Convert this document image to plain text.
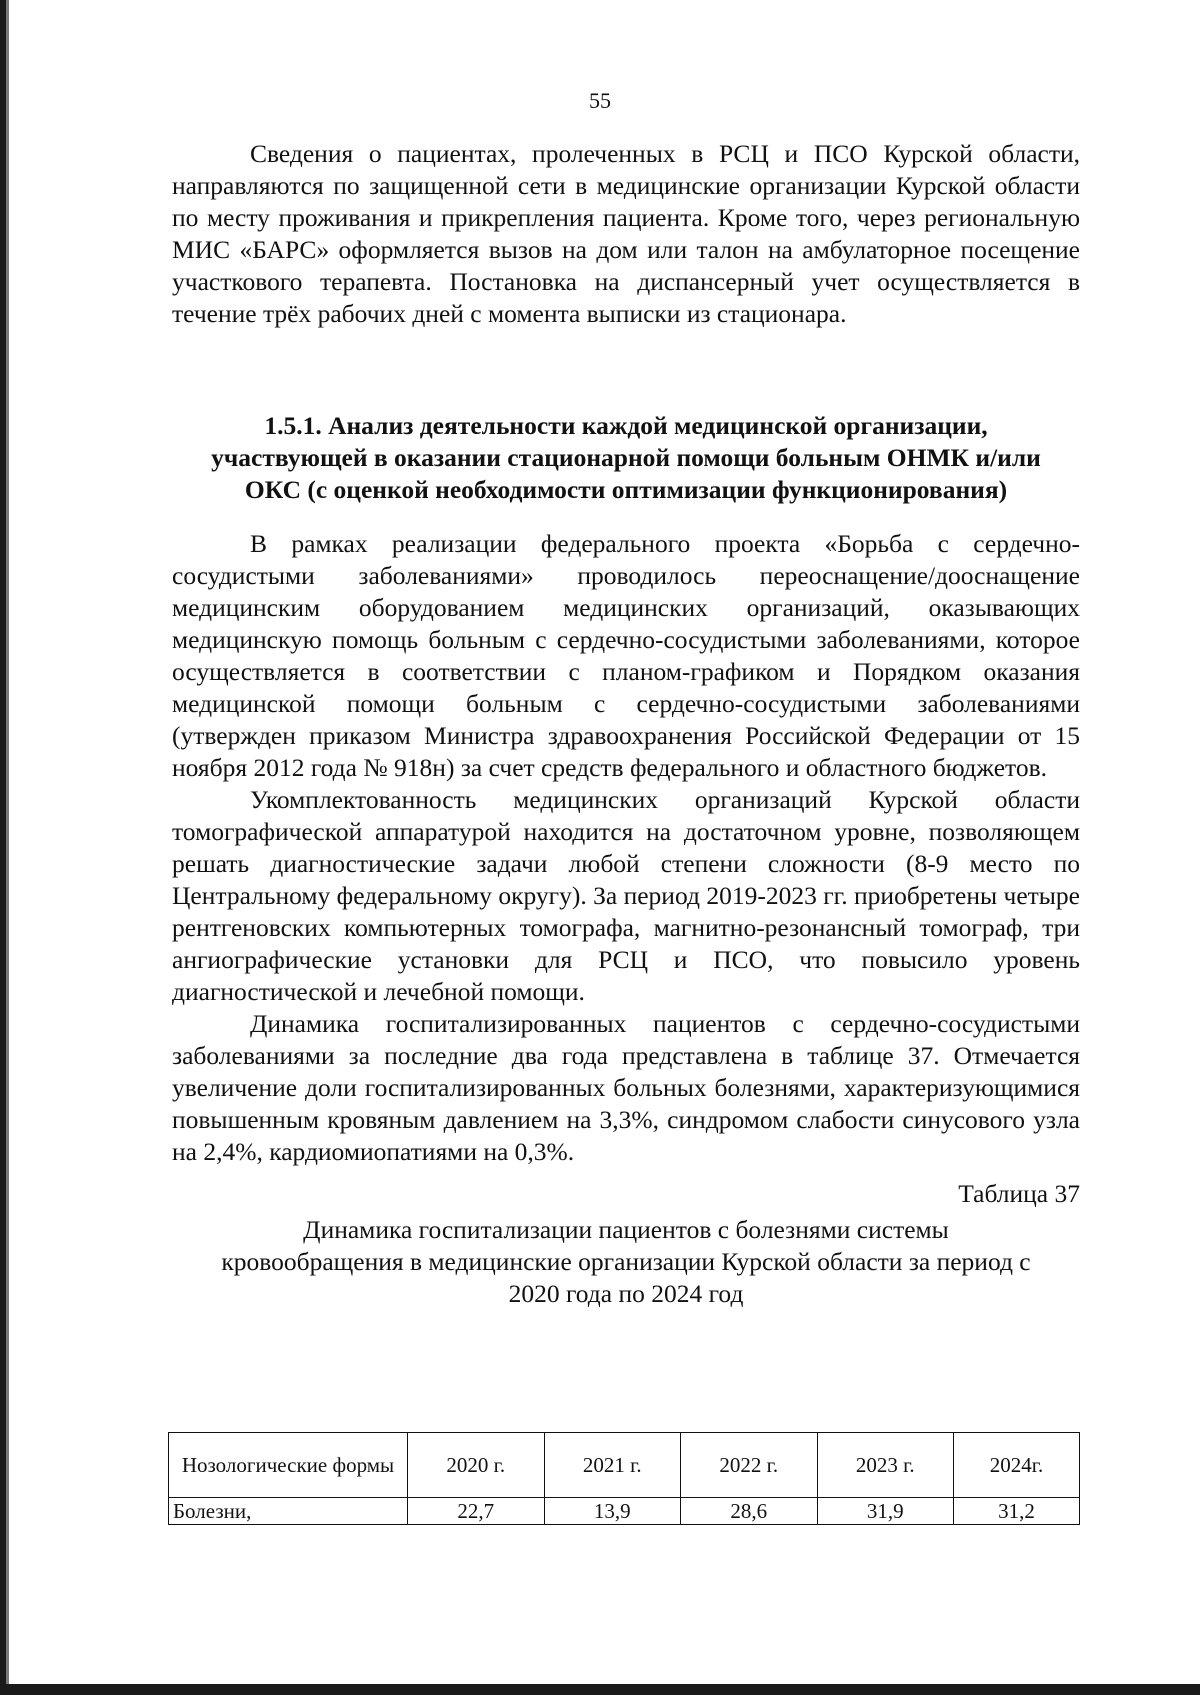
55

Сведения о пациентах, пролеченных в РСЦ и ПСО Курской области, направляются по защищенной сети в медицинские организации Курской области по месту проживания и прикрепления пациента. Кроме того, через региональную МИС «БАРС» оформляется вызов на дом или талон на амбулаторное посещение участкового терапевта. Постановка на диспансерный учет осуществляется в течение трёх рабочих дней с момента выписки из стационара.

1.5.1. Анализ деятельности каждой медицинской организации, участвующей в оказании стационарной помощи больным ОНМК и/или ОКС (с оценкой необходимости оптимизации функционирования)

В рамках реализации федерального проекта «Борьба с сердечно-сосудистыми заболеваниями» проводилось переоснащение/дооснащение медицинским оборудованием медицинских организаций, оказывающих медицинскую помощь больным с сердечно-сосудистыми заболеваниями, которое осуществляется в соответствии с планом-графиком и Порядком оказания медицинской помощи больным с сердечно-сосудистыми заболеваниями (утвержден приказом Министра здравоохранения Российской Федерации от 15 ноября 2012 года № 918н) за счет средств федерального и областного бюджетов.

Укомплектованность медицинских организаций Курской области томографической аппаратурой находится на достаточном уровне, позволяющем решать диагностические задачи любой степени сложности (8-9 место по Центральному федеральному округу). За период 2019-2023 гг. приобретены четыре рентгеновских компьютерных томографа, магнитно-резонансный томограф, три ангиографические установки для РСЦ и ПСО, что повысило уровень диагностической и лечебной помощи.

Динамика госпитализированных пациентов с сердечно-сосудистыми заболеваниями за последние два года представлена в таблице 37. Отмечается увеличение доли госпитализированных больных болезнями, характеризующимися повышенным кровяным давлением на 3,3%, синдромом слабости синусового узла на 2,4%, кардиомиопатиями на 0,3%.

Таблица 37

Динамика госпитализации пациентов с болезнями системы кровообращения в медицинские организации Курской области за период с 2020 года по 2024 год

Нозологические формы	2020 г.	2021 г.	2022 г.	2023 г.	2024г.
Болезни,	22,7	13,9	28,6	31,9	31,2
